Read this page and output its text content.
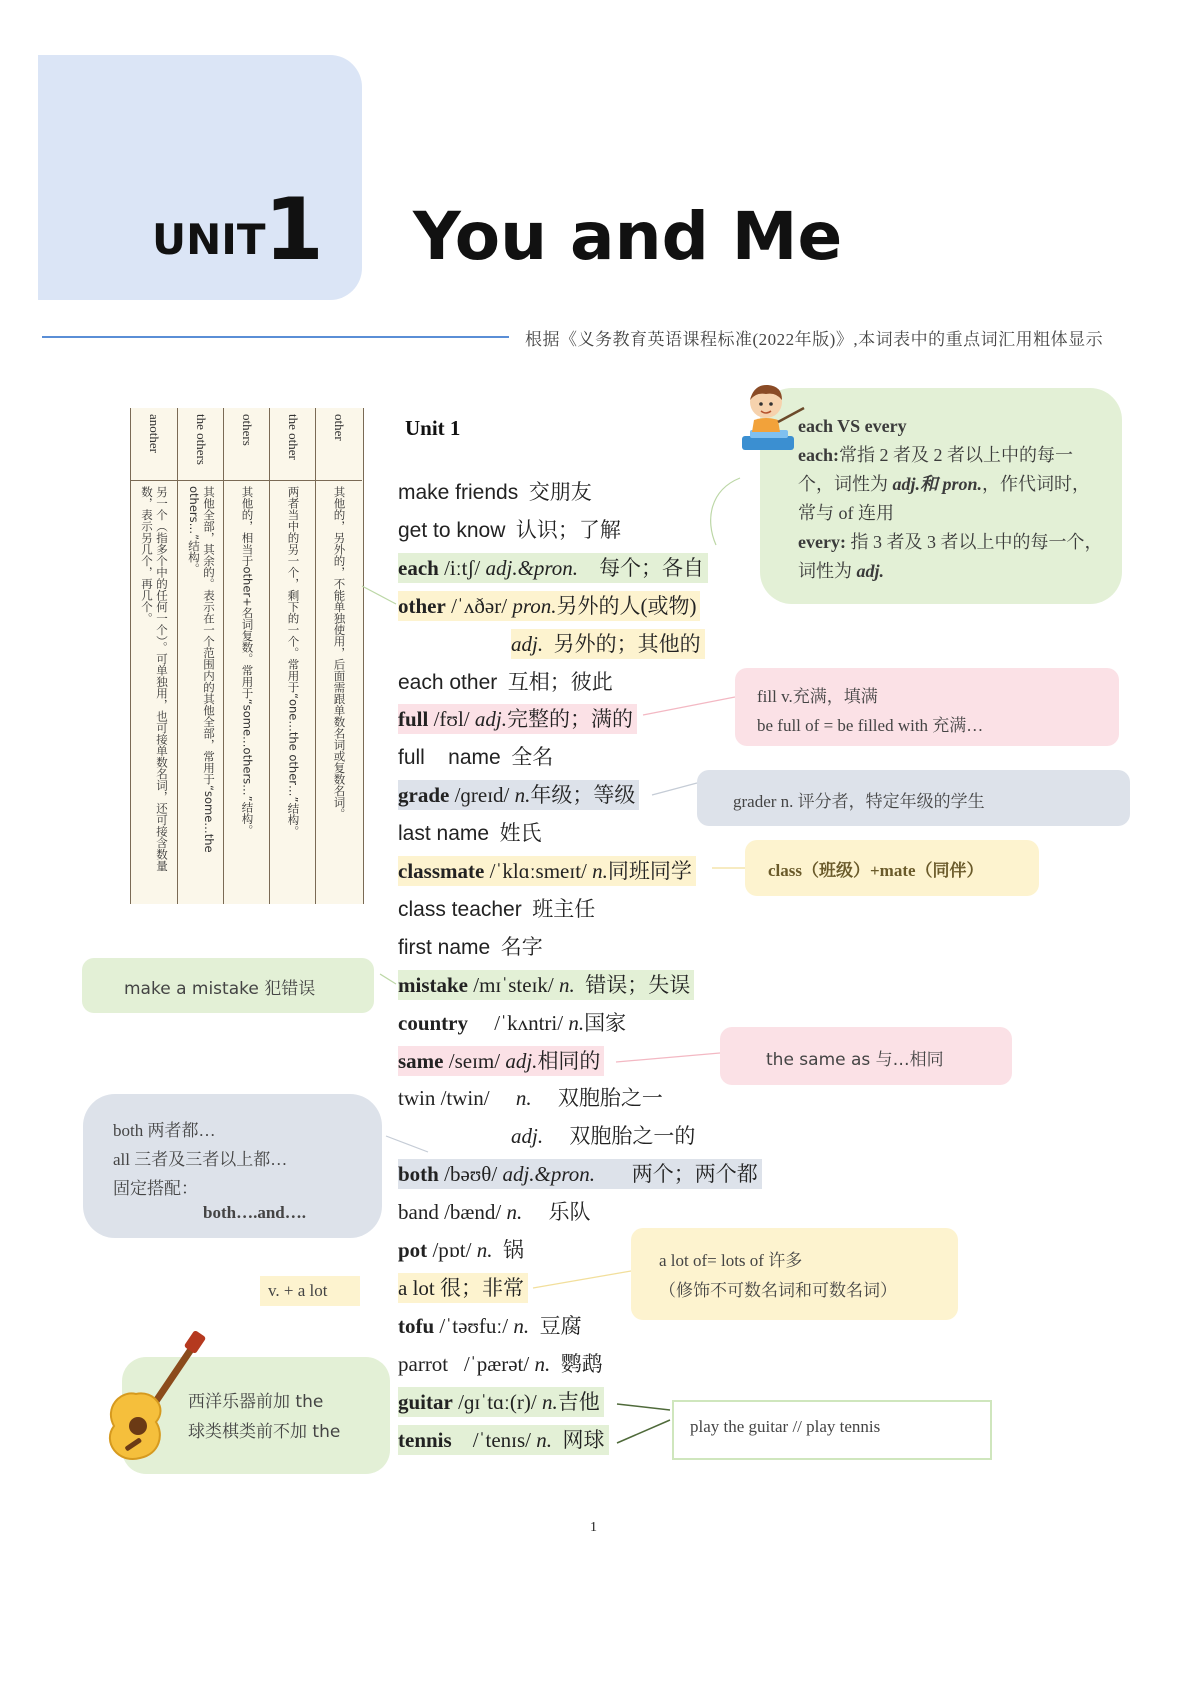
UNIT
1 You and Me
根据《义务教育英语课程标准(2022年版)》,本词表中的重点词汇用粗体显示
another
另一个（指多个中的任何一个）。可单独用，也可接单数名词，还可接含数量数，表示另几个，再几个。
the others
其他全部，其余的。表示在一个范围内的其他全部，常用于“some…the others…”结构。
others
其他的，相当于other+名词复数。常用于“some…others…”结构。
the other
两者当中的另一个，剩下的一个。常用于“one…the other…”结构。
other
其他的，另外的，不能单独使用，后面需跟单数名词或复数名词。
Unit 1
make friends  交朋友
get to know  认识；了解
each /iːtʃ/ adj.&pron.    每个；各自
other /ˈʌðər/ pron.另外的人(或物)
adj.  另外的；其他的
each other  互相；彼此
full /fʊl/ adj.完整的；满的
full    name  全名
grade /ɡreɪd/ n.年级；等级
last name  姓氏
classmate /ˈklɑːsmeɪt/ n.同班同学
class teacher  班主任
first name  名字
mistake /mɪˈsteɪk/ n.  错误；失误
country     /ˈkʌntri/ n.国家
same /seɪm/ adj.相同的
twin /twin/     n.     双胞胎之一
adj.     双胞胎之一的
both /bəʊθ/ adj.&pron.       两个；两个都
band /bænd/ n.     乐队
pot /pɒt/ n.  锅
a lot 很；非常
tofu /ˈtəʊfuː/ n.  豆腐
parrot   /ˈpærət/ n.  鹦鹉
guitar /ɡɪˈtɑː(r)/ n.吉他
tennis    /ˈtenɪs/ n.  网球
each VS every
each:常指 2 者及 2 者以上中的每一个，词性为 adj.和 pron.，作代词时，常与 of 连用
every: 指 3 者及 3 者以上中的每一个，词性为 adj.
fill v.充满，填满
be full of = be filled with 充满…
grader n. 评分者，特定年级的学生
class（班级）+mate（同伴）
make a mistake 犯错误
the same as 与…相同
both 两者都…
all 三者及三者以上都…
固定搭配：
both….and….
a lot of= lots of 许多
（修饰不可数名词和可数名词）
v. + a lot
西洋乐器前加 the
球类棋类前不加 the	play the guitar // play tennis
1
